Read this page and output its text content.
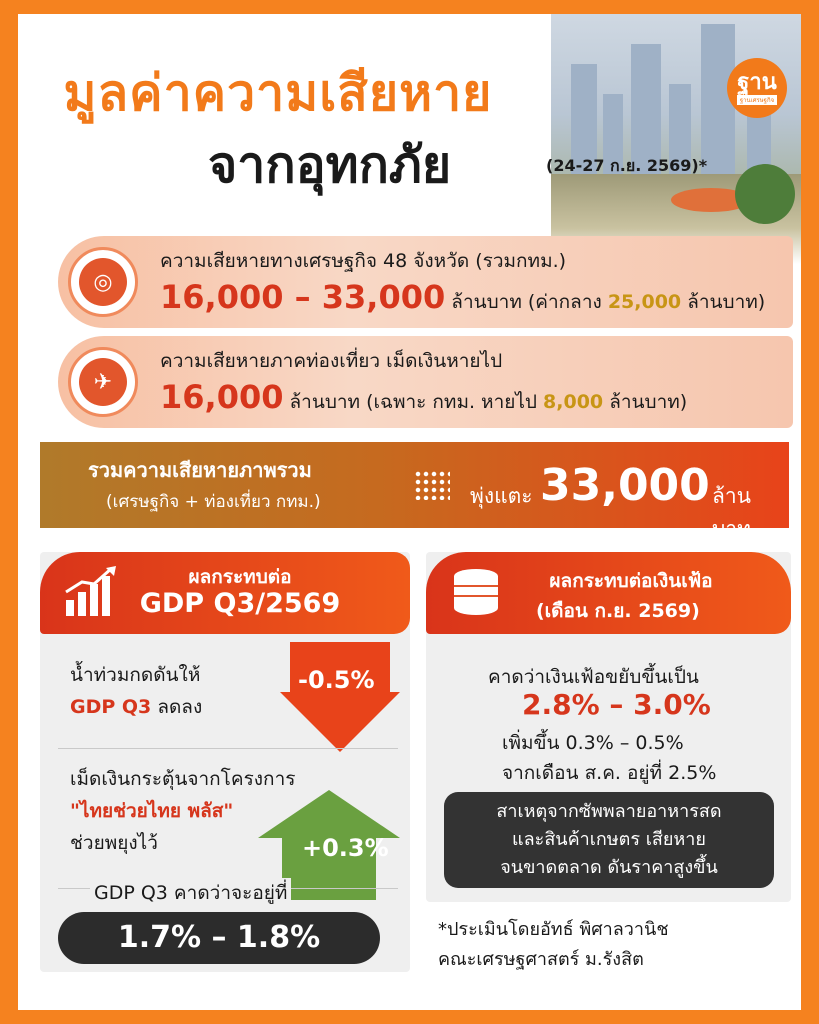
ฐาน
ฐานเศรษฐกิจ
มูลค่าความเสียหาย
จากอุทกภัย	(24-27 ก.ย. 2569)*
◎
ความเสียหายทางเศรษฐกิจ 48 จังหวัด (รวมกทม.)
16,000 – 33,000 ล้านบาท (ค่ากลาง 25,000 ล้านบาท)
✈
ความเสียหายภาคท่องเที่ยว เม็ดเงินหายไป
16,000 ล้านบาท (เฉพาะ กทม. หายไป 8,000 ล้านบาท)
รวมความเสียหายภาพรวม
(เศรษฐกิจ + ท่องเที่ยว กทม.)	พุ่งแตะ 33,000 ล้านบาท
ผลกระทบต่อ
GDP Q3/2569
น้ำท่วมกดดันให้
GDP Q3 ลดลง
-0.5%
เม็ดเงินกระตุ้นจากโครงการ
"ไทยช่วยไทย พลัส"
ช่วยพยุงไว้	+0.3%
GDP Q3 คาดว่าจะอยู่ที่
1.7% – 1.8%
ผลกระทบต่อเงินเฟ้อ
(เดือน ก.ย. 2569)
คาดว่าเงินเฟ้อขยับขึ้นเป็น
2.8% – 3.0%
เพิ่มขึ้น 0.3% – 0.5%
จากเดือน ส.ค. อยู่ที่ 2.5%
สาเหตุจากซัพพลายอาหารสด
และสินค้าเกษตร เสียหาย
จนขาดตลาด ดันราคาสูงขึ้น
*ประเมินโดยอัทธ์ พิศาลวานิช
คณะเศรษฐศาสตร์ ม.รังสิต
